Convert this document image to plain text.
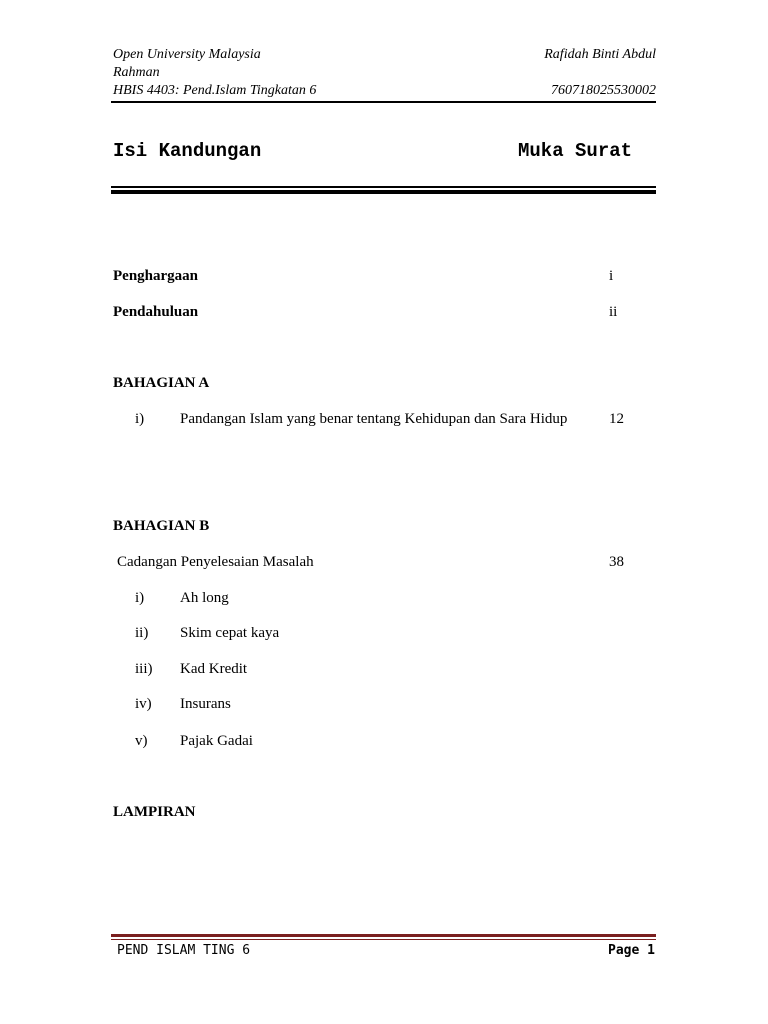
Open University Malaysia
Rahman
HBIS 4403: Pend.Islam Tingkatan 6
Rafidah Binti Abdul
760718025530002
Isi Kandungan	Muka Surat
Penghargaan	i
Pendahuluan	ii
BAHAGIAN A
i) Pandangan Islam yang benar tentang Kehidupan dan Sara Hidup	12
BAHAGIAN B
Cadangan Penyelesaian Masalah	38
i) Ah long
ii) Skim cepat kaya
iii) Kad Kredit
iv) Insurans
v) Pajak Gadai
LAMPIRAN
PEND ISLAM TING 6	Page 1
